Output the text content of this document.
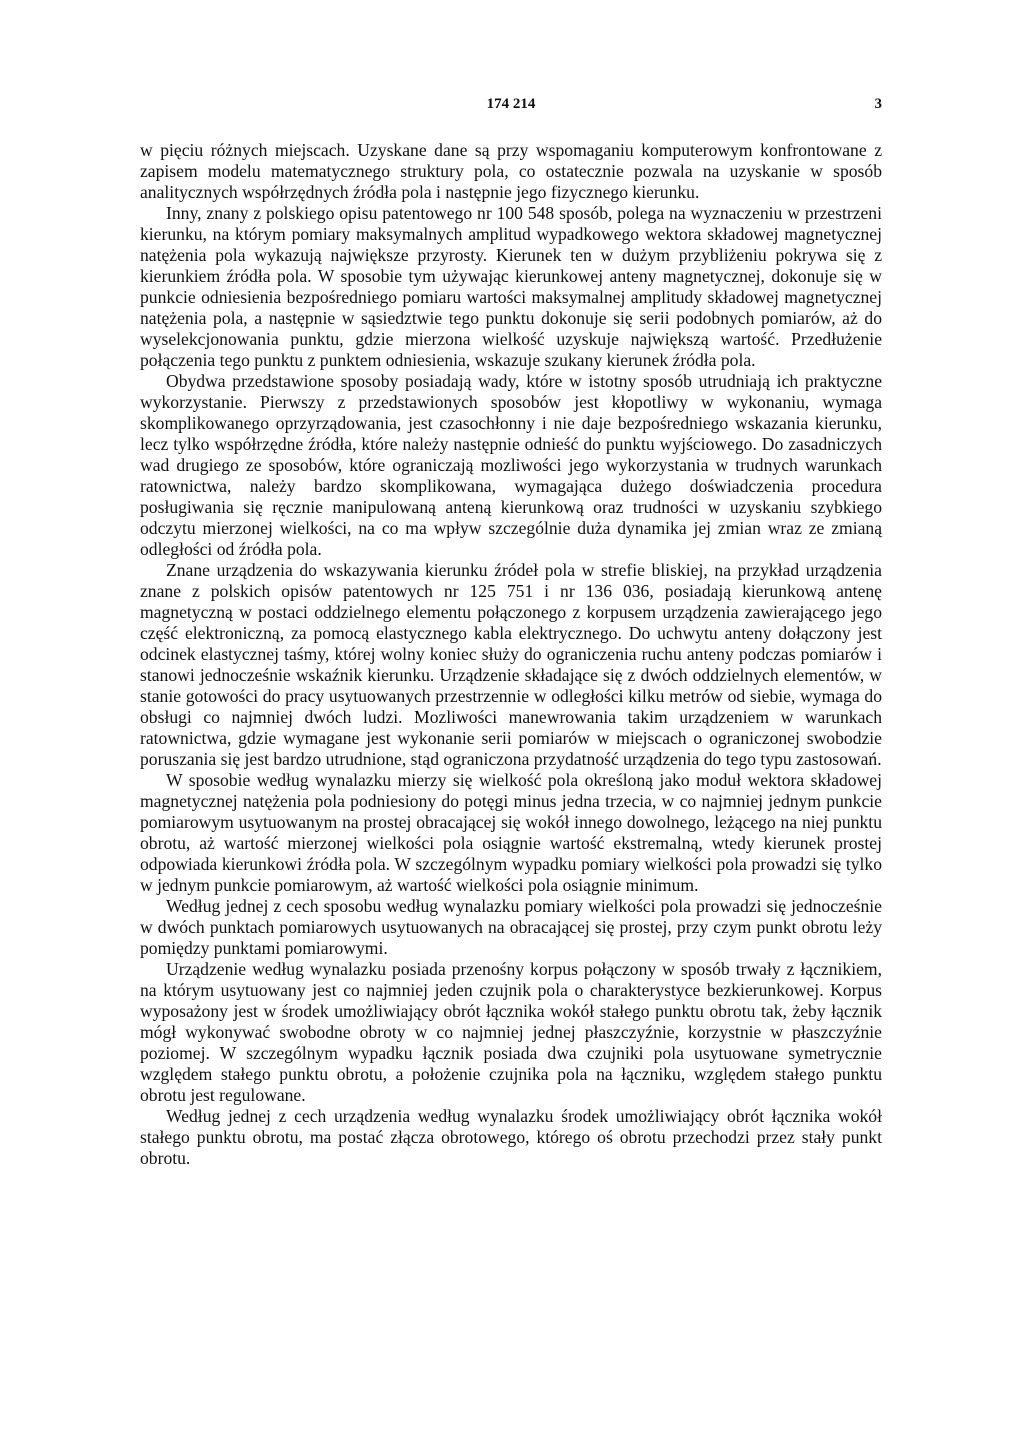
174 214	3

w pięciu różnych miejscach. Uzyskane dane są przy wspomaganiu komputerowym konfrontowane z zapisem modelu matematycznego struktury pola, co ostatecznie pozwala na uzyskanie w sposób analitycznych współrzędnych źródła pola i następnie jego fizycznego kierunku.

Inny, znany z polskiego opisu patentowego nr 100 548 sposób, polega na wyznaczeniu w przestrzeni kierunku, na którym pomiary maksymalnych amplitud wypadkowego wektora składowej magnetycznej natężenia pola wykazują największe przyrosty. Kierunek ten w dużym przybliżeniu pokrywa się z kierunkiem źródła pola. W sposobie tym używając kierunkowej anteny magnetycznej, dokonuje się w punkcie odniesienia bezpośredniego pomiaru wartości maksymalnej amplitudy składowej magnetycznej natężenia pola, a następnie w sąsiedztwie tego punktu dokonuje się serii podobnych pomiarów, aż do wyselekcjonowania punktu, gdzie mierzona wielkość uzyskuje największą wartość. Przedłużenie połączenia tego punktu z punktem odniesienia, wskazuje szukany kierunek źródła pola.

Obydwa przedstawione sposoby posiadają wady, które w istotny sposób utrudniają ich praktyczne wykorzystanie. Pierwszy z przedstawionych sposobów jest kłopotliwy w wykonaniu, wymaga skomplikowanego oprzyrządowania, jest czasochłonny i nie daje bezpośredniego wskazania kierunku, lecz tylko współrzędne źródła, które należy następnie odnieść do punktu wyjściowego. Do zasadniczych wad drugiego ze sposobów, które ograniczają mozliwości jego wykorzystania w trudnych warunkach ratownictwa, należy bardzo skomplikowana, wymagająca dużego doświadczenia procedura posługiwania się ręcznie manipulowaną anteną kierunkową oraz trudności w uzyskaniu szybkiego odczytu mierzonej wielkości, na co ma wpływ szczególnie duża dynamika jej zmian wraz ze zmianą odległości od źródła pola.

Znane urządzenia do wskazywania kierunku źródeł pola w strefie bliskiej, na przykład urządzenia znane z polskich opisów patentowych nr 125 751 i nr 136 036, posiadają kierunkową antenę magnetyczną w postaci oddzielnego elementu połączonego z korpusem urządzenia zawierającego jego część elektroniczną, za pomocą elastycznego kabla elektrycznego. Do uchwytu anteny dołączony jest odcinek elastycznej taśmy, której wolny koniec służy do ograniczenia ruchu anteny podczas pomiarów i stanowi jednocześnie wskaźnik kierunku. Urządzenie składające się z dwóch oddzielnych elementów, w stanie gotowości do pracy usytuowanych przestrzennie w odległości kilku metrów od siebie, wymaga do obsługi co najmniej dwóch ludzi. Mozliwości manewrowania takim urządzeniem w warunkach ratownictwa, gdzie wymagane jest wykonanie serii pomiarów w miejscach o ograniczonej swobodzie poruszania się jest bardzo utrudnione, stąd ograniczona przydatność urządzenia do tego typu zastosowań.

W sposobie według wynalazku mierzy się wielkość pola określoną jako moduł wektora składowej magnetycznej natężenia pola podniesiony do potęgi minus jedna trzecia, w co najmniej jednym punkcie pomiarowym usytuowanym na prostej obracającej się wokół innego dowolnego, leżącego na niej punktu obrotu, aż wartość mierzonej wielkości pola osiągnie wartość ekstremalną, wtedy kierunek prostej odpowiada kierunkowi źródła pola. W szczególnym wypadku pomiary wielkości pola prowadzi się tylko w jednym punkcie pomiarowym, aż wartość wielkości pola osiągnie minimum.

Według jednej z cech sposobu według wynalazku pomiary wielkości pola prowadzi się jednocześnie w dwóch punktach pomiarowych usytuowanych na obracającej się prostej, przy czym punkt obrotu leży pomiędzy punktami pomiarowymi.

Urządzenie według wynalazku posiada przenośny korpus połączony w sposób trwały z łącznikiem, na którym usytuowany jest co najmniej jeden czujnik pola o charakterystyce bezkierunkowej. Korpus wyposażony jest w środek umożliwiający obrót łącznika wokół stałego punktu obrotu tak, żeby łącznik mógł wykonywać swobodne obroty w co najmniej jednej płaszczyźnie, korzystnie w płaszczyźnie poziomej. W szczególnym wypadku łącznik posiada dwa czujniki pola usytuowane symetrycznie względem stałego punktu obrotu, a położenie czujnika pola na łączniku, względem stałego punktu obrotu jest regulowane.

Według jednej z cech urządzenia według wynalazku środek umożliwiający obrót łącznika wokół stałego punktu obrotu, ma postać złącza obrotowego, którego oś obrotu przechodzi przez stały punkt obrotu.
